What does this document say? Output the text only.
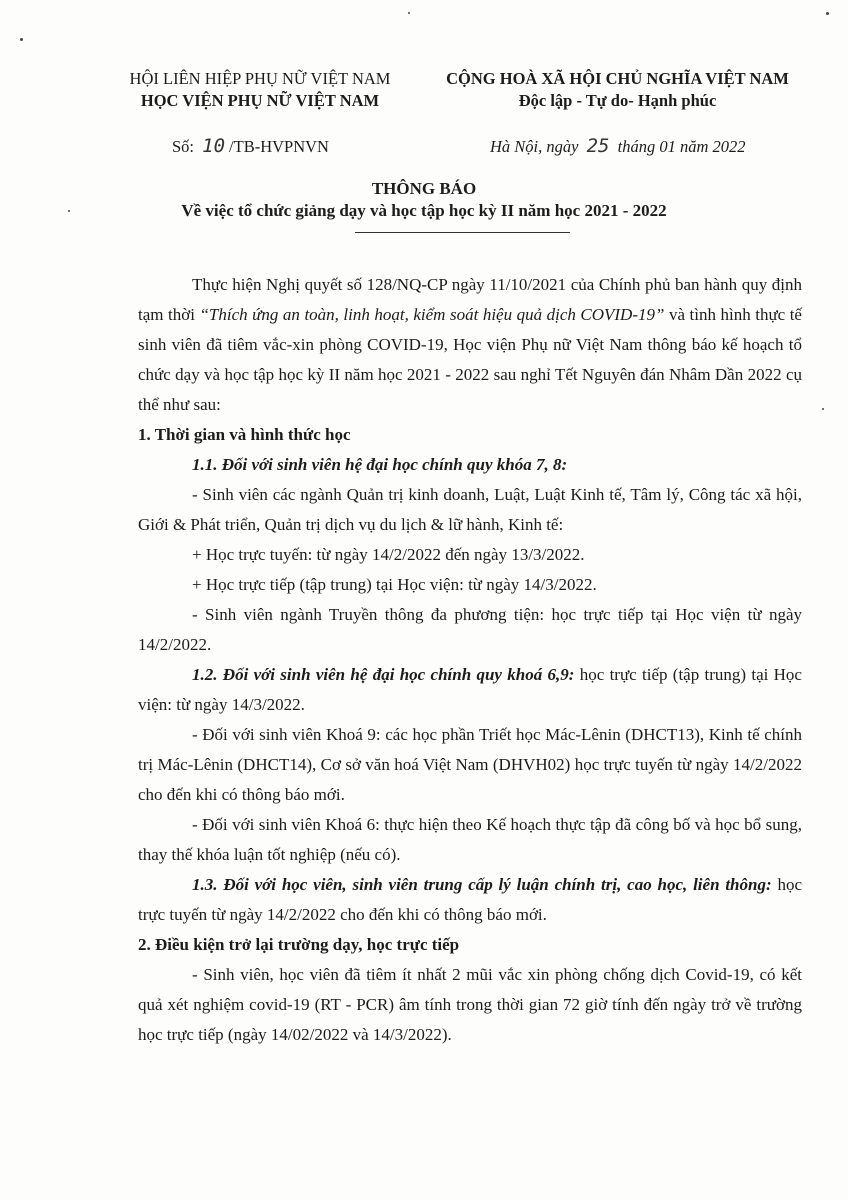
HỘI LIÊN HIỆP PHỤ NỮ VIỆT NAM
HỌC VIỆN PHỤ NỮ VIỆT NAM
CỘNG HOÀ XÃ HỘI CHỦ NGHĨA VIỆT NAM
Độc lập - Tự do- Hạnh phúc
Số: 10 /TB-HVPNVN	Hà Nội, ngày 25 tháng 01 năm 2022
THÔNG BÁO
Về việc tổ chức giảng dạy và học tập học kỳ II năm học 2021 - 2022

Thực hiện Nghị quyết số 128/NQ-CP ngày 11/10/2021 của Chính phủ ban hành quy định tạm thời “Thích ứng an toàn, linh hoạt, kiểm soát hiệu quả dịch COVID-19” và tình hình thực tế sinh viên đã tiêm vắc-xin phòng COVID-19, Học viện Phụ nữ Việt Nam thông báo kế hoạch tổ chức dạy và học tập học kỳ II năm học 2021 - 2022 sau nghỉ Tết Nguyên đán Nhâm Dần 2022 cụ thể như sau:

1. Thời gian và hình thức học

1.1. Đối với sinh viên hệ đại học chính quy khóa 7, 8:

- Sinh viên các ngành Quản trị kinh doanh, Luật, Luật Kinh tế, Tâm lý, Công tác xã hội, Giới & Phát triển, Quản trị dịch vụ du lịch & lữ hành, Kinh tế:

+ Học trực tuyến: từ ngày 14/2/2022 đến ngày 13/3/2022.

+ Học trực tiếp (tập trung) tại Học viện: từ ngày 14/3/2022.

- Sinh viên ngành Truyền thông đa phương tiện: học trực tiếp tại Học viện từ ngày 14/2/2022.

1.2. Đối với sinh viên hệ đại học chính quy khoá 6,9: học trực tiếp (tập trung) tại Học viện: từ ngày 14/3/2022.

- Đối với sinh viên Khoá 9: các học phần Triết học Mác-Lênin (DHCT13), Kinh tế chính trị Mác-Lênin (DHCT14), Cơ sở văn hoá Việt Nam (DHVH02) học trực tuyến từ ngày 14/2/2022 cho đến khi có thông báo mới.

- Đối với sinh viên Khoá 6: thực hiện theo Kế hoạch thực tập đã công bố và học bổ sung, thay thế khóa luận tốt nghiệp (nếu có).

1.3. Đối với học viên, sinh viên trung cấp lý luận chính trị, cao học, liên thông: học trực tuyến từ ngày 14/2/2022 cho đến khi có thông báo mới.

2. Điều kiện trở lại trường dạy, học trực tiếp

- Sinh viên, học viên đã tiêm ít nhất 2 mũi vắc xin phòng chống dịch Covid-19, có kết quả xét nghiệm covid-19 (RT - PCR) âm tính trong thời gian 72 giờ tính đến ngày trở về trường học trực tiếp (ngày 14/02/2022 và 14/3/2022).
